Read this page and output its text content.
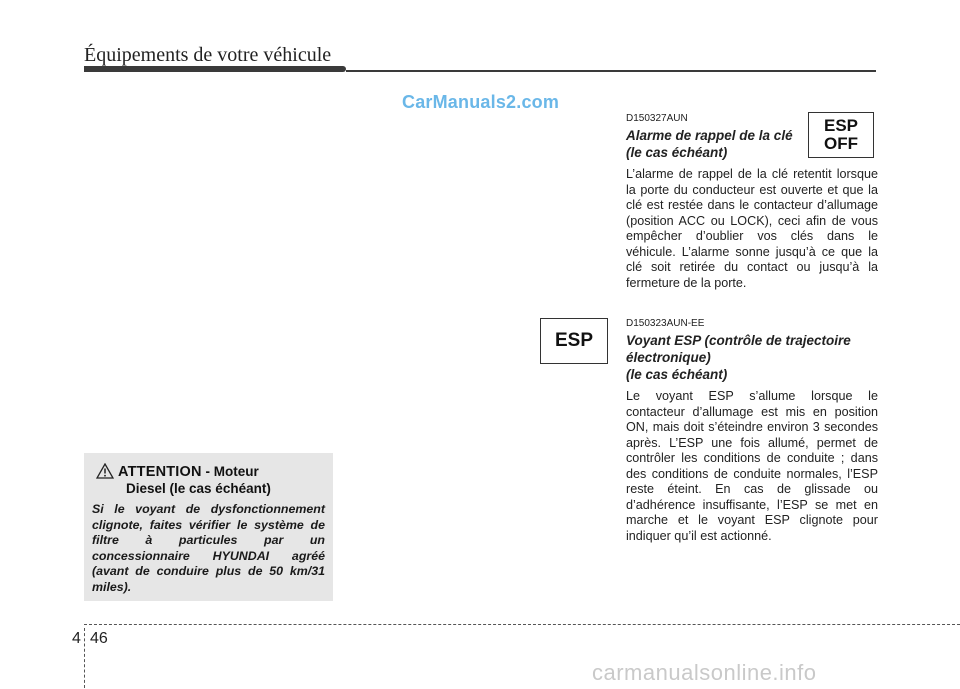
Équipements de votre véhicule
CarManuals2.com
D150327AUN
Alarme de rappel de la clé
(le cas échéant)
L’alarme de rappel de la clé retentit lorsque la porte du conducteur est ouverte et que la clé est restée dans le contacteur d’allumage (position ACC ou LOCK), ceci afin de vous empêcher d’oublier vos clés dans le véhicule. L’alarme sonne jusqu’à ce que la clé soit retirée du contact ou jusqu’à la fermeture de la porte.
ESP
OFF
D150323AUN-EE
Voyant ESP (contrôle de trajectoire
électronique)
(le cas échéant)
Le voyant ESP s’allume lorsque le contacteur d’allumage est mis en position ON, mais doit s’éteindre environ 3 secondes après. L’ESP une fois allumé, permet de contrôler les conditions de conduite ; dans des conditions de conduite normales, l’ESP reste éteint. En cas de glissade ou d’adhérence insuffisante, l’ESP se met en marche et le voyant ESP clignote pour indiquer qu’il est actionné.
ESP
ATTENTION - Moteur
Diesel (le cas échéant)
Si le voyant de dysfonctionnement clignote, faites vérifier le système de filtre à particules par un concessionnaire HYUNDAI agréé (avant de conduire plus de 50 km/31 miles).
4 46
carmanualsonline.info
